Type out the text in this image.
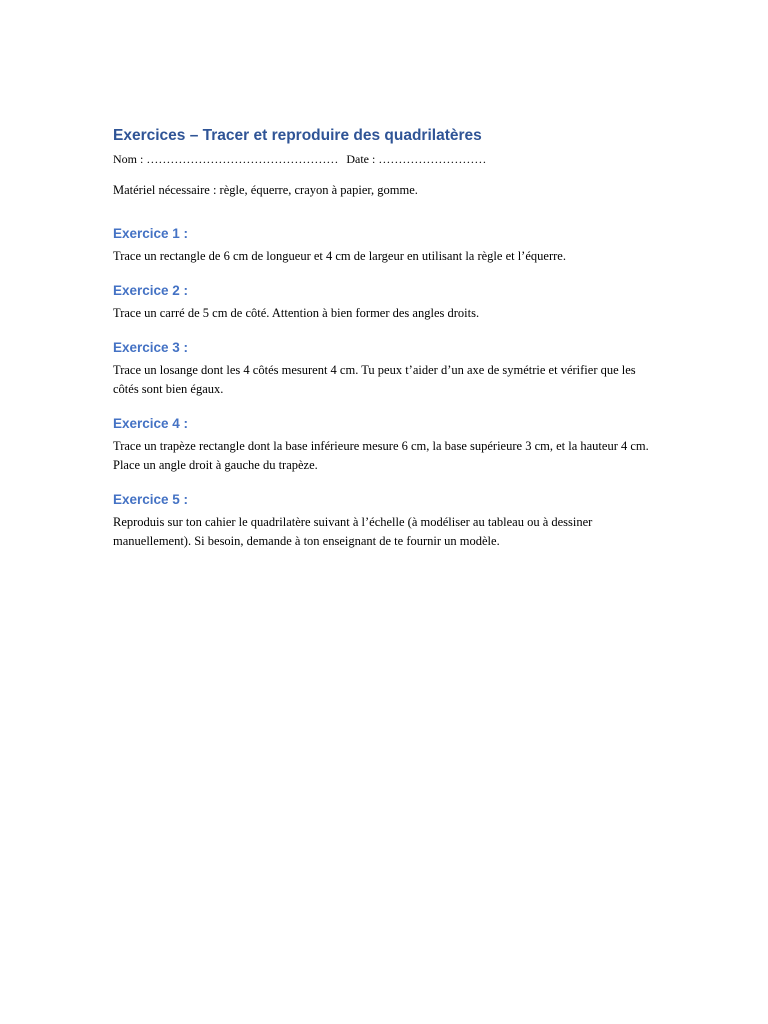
Exercices – Tracer et reproduire des quadrilatères
Nom : ………………………………………… Date : ………………………

Matériel nécessaire : règle, équerre, crayon à papier, gomme.

Exercice 1 :

Trace un rectangle de 6 cm de longueur et 4 cm de largeur en utilisant la règle et l’équerre.

Exercice 2 :

Trace un carré de 5 cm de côté. Attention à bien former des angles droits.

Exercice 3 :

Trace un losange dont les 4 côtés mesurent 4 cm. Tu peux t’aider d’un axe de symétrie et vérifier que les côtés sont bien égaux.

Exercice 4 :

Trace un trapèze rectangle dont la base inférieure mesure 6 cm, la base supérieure 3 cm, et la hauteur 4 cm. Place un angle droit à gauche du trapèze.

Exercice 5 :

Reproduis sur ton cahier le quadrilatère suivant à l’échelle (à modéliser au tableau ou à dessiner manuellement). Si besoin, demande à ton enseignant de te fournir un modèle.
